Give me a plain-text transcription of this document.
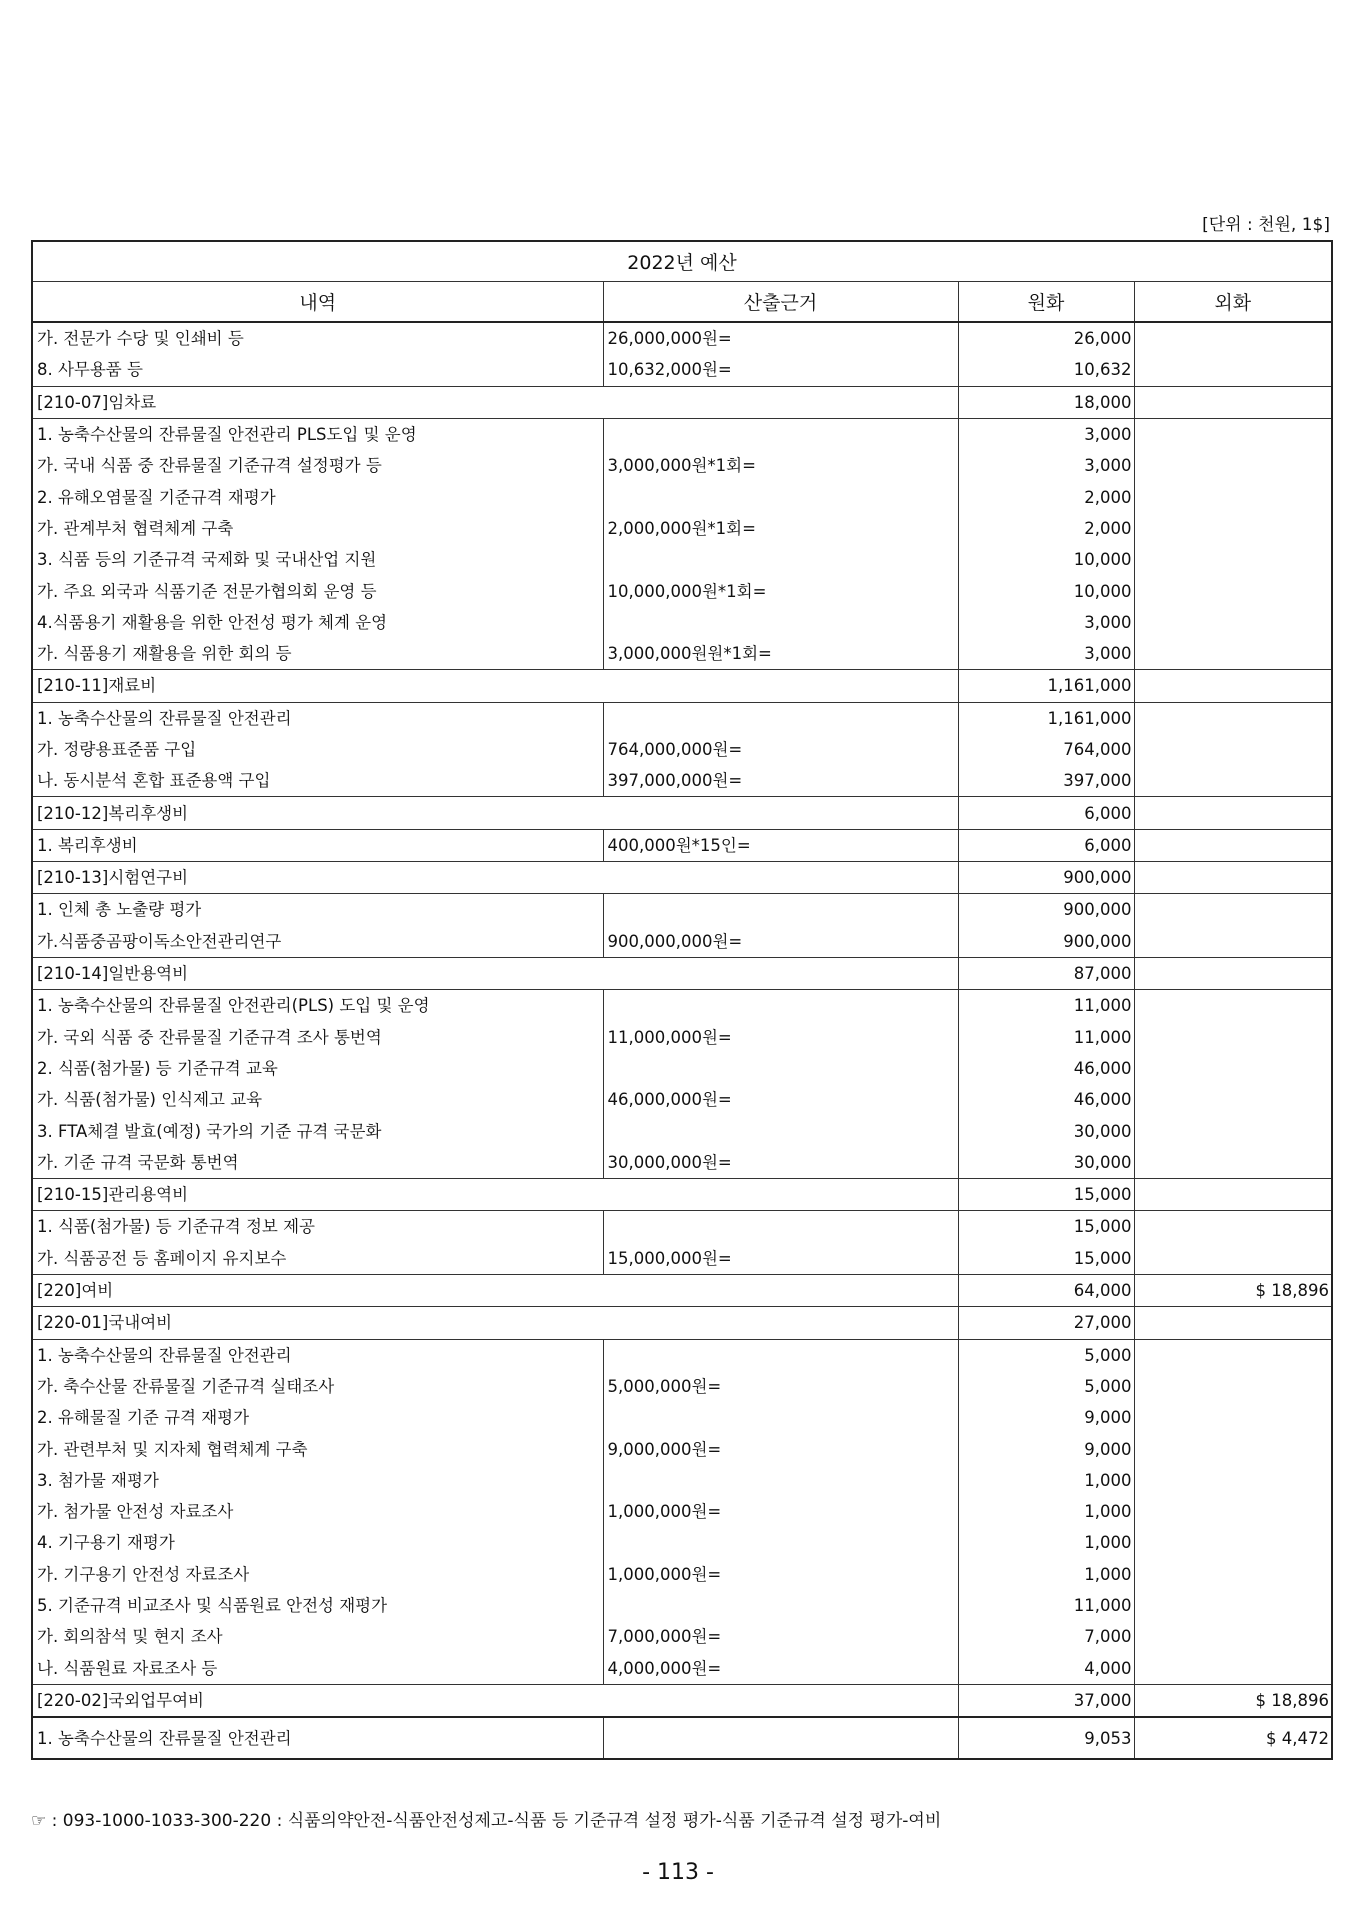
[단위 : 천원, 1$]
2022년 예산			
내역	산출근거	원화	외화
가. 전문가 수당 및 인쇄비 등	26,000,000원=	26,000	
8. 사무용품 등	10,632,000원=	10,632	
[210-07]임차료		18,000	
1. 농축수산물의 잔류물질 안전관리 PLS도입 및 운영		3,000	
가. 국내 식품 중 잔류물질 기준규격 설정평가 등	3,000,000원*1회=	3,000	
2. 유해오염물질 기준규격 재평가		2,000	
가. 관계부처 협력체계 구축	2,000,000원*1회=	2,000	
3. 식품 등의 기준규격 국제화 및 국내산업 지원		10,000	
가. 주요 외국과 식품기준 전문가협의회 운영 등	10,000,000원*1회=	10,000	
4.식품용기 재활용을 위한 안전성 평가 체계 운영		3,000	
가. 식품용기 재활용을 위한 회의 등	3,000,000원원*1회=	3,000	
[210-11]재료비		1,161,000	
1. 농축수산물의 잔류물질 안전관리		1,161,000	
가. 정량용표준품 구입	764,000,000원=	764,000	
나. 동시분석 혼합 표준용액 구입	397,000,000원=	397,000	
[210-12]복리후생비		6,000	
1. 복리후생비	400,000원*15인=	6,000	
[210-13]시험연구비		900,000	
1. 인체 총 노출량 평가		900,000	
가.식품중곰팡이독소안전관리연구	900,000,000원=	900,000	
[210-14]일반용역비		87,000	
1. 농축수산물의 잔류물질 안전관리(PLS) 도입 및 운영		11,000	
가. 국외 식품 중 잔류물질 기준규격 조사 통번역	11,000,000원=	11,000	
2. 식품(첨가물) 등 기준규격 교육		46,000	
가. 식품(첨가물) 인식제고 교육	46,000,000원=	46,000	
3. FTA체결 발효(예정) 국가의 기준 규격 국문화		30,000	
가. 기준 규격 국문화 통번역	30,000,000원=	30,000	
[210-15]관리용역비		15,000	
1. 식품(첨가물) 등 기준규격 정보 제공		15,000	
가. 식품공전 등 홈페이지 유지보수	15,000,000원=	15,000	
[220]여비		64,000	$ 18,896
[220-01]국내여비		27,000	
1. 농축수산물의 잔류물질 안전관리		5,000	
가. 축수산물 잔류물질 기준규격 실태조사	5,000,000원=	5,000	
2. 유해물질 기준 규격 재평가		9,000	
가. 관련부처 및 지자체 협력체계 구축	9,000,000원=	9,000	
3. 첨가물 재평가		1,000	
가. 첨가물 안전성 자료조사	1,000,000원=	1,000	
4. 기구용기 재평가		1,000	
가. 기구용기 안전성 자료조사	1,000,000원=	1,000	
5. 기준규격 비교조사 및 식품원료 안전성 재평가		11,000	
가. 회의참석 및 현지 조사	7,000,000원=	7,000	
나. 식품원료 자료조사 등	4,000,000원=	4,000	
[220-02]국외업무여비		37,000	$ 18,896
1. 농축수산물의 잔류물질 안전관리		9,053	$ 4,472
☞ : 093-1000-1033-300-220 : 식품의약안전-식품안전성제고-식품 등 기준규격 설정 평가-식품 기준규격 설정 평가-여비
- 113 -
